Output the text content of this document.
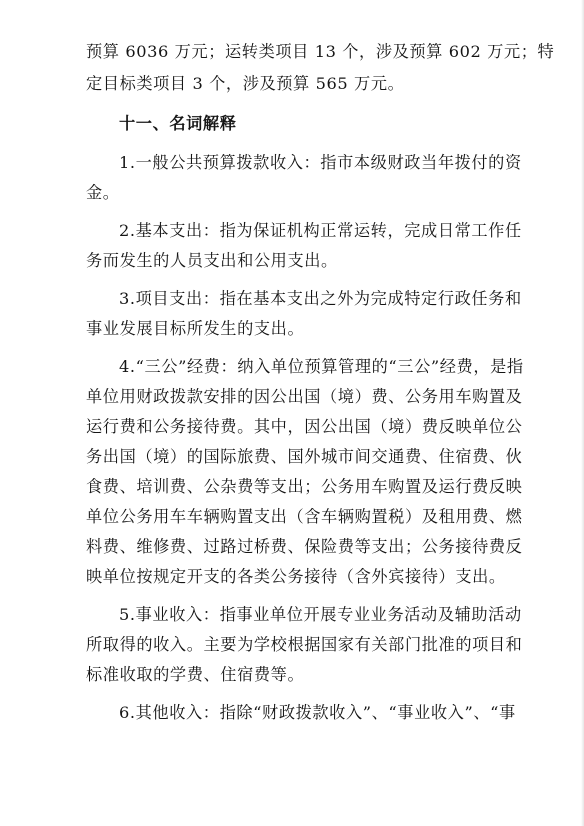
预算 6036 万元；运转类项目 13 个，涉及预算 602 万元；特
定目标类项目 3 个，涉及预算 565 万元。
十一、名词解释
1.一般公共预算拨款收入：指市本级财政当年拨付的资
金。
2.基本支出：指为保证机构正常运转，完成日常工作任
务而发生的人员支出和公用支出。
3.项目支出：指在基本支出之外为完成特定行政任务和
事业发展目标所发生的支出。
4.“三公”经费：纳入单位预算管理的“三公”经费，是指
单位用财政拨款安排的因公出国（境）费、公务用车购置及
运行费和公务接待费。其中，因公出国（境）费反映单位公
务出国（境）的国际旅费、国外城市间交通费、住宿费、伙
食费、培训费、公杂费等支出；公务用车购置及运行费反映
单位公务用车车辆购置支出（含车辆购置税）及租用费、燃
料费、维修费、过路过桥费、保险费等支出；公务接待费反
映单位按规定开支的各类公务接待（含外宾接待）支出。
5.事业收入：指事业单位开展专业业务活动及辅助活动
所取得的收入。主要为学校根据国家有关部门批准的项目和
标准收取的学费、住宿费等。
6.其他收入：指除“财政拨款收入”、“事业收入”、“事
